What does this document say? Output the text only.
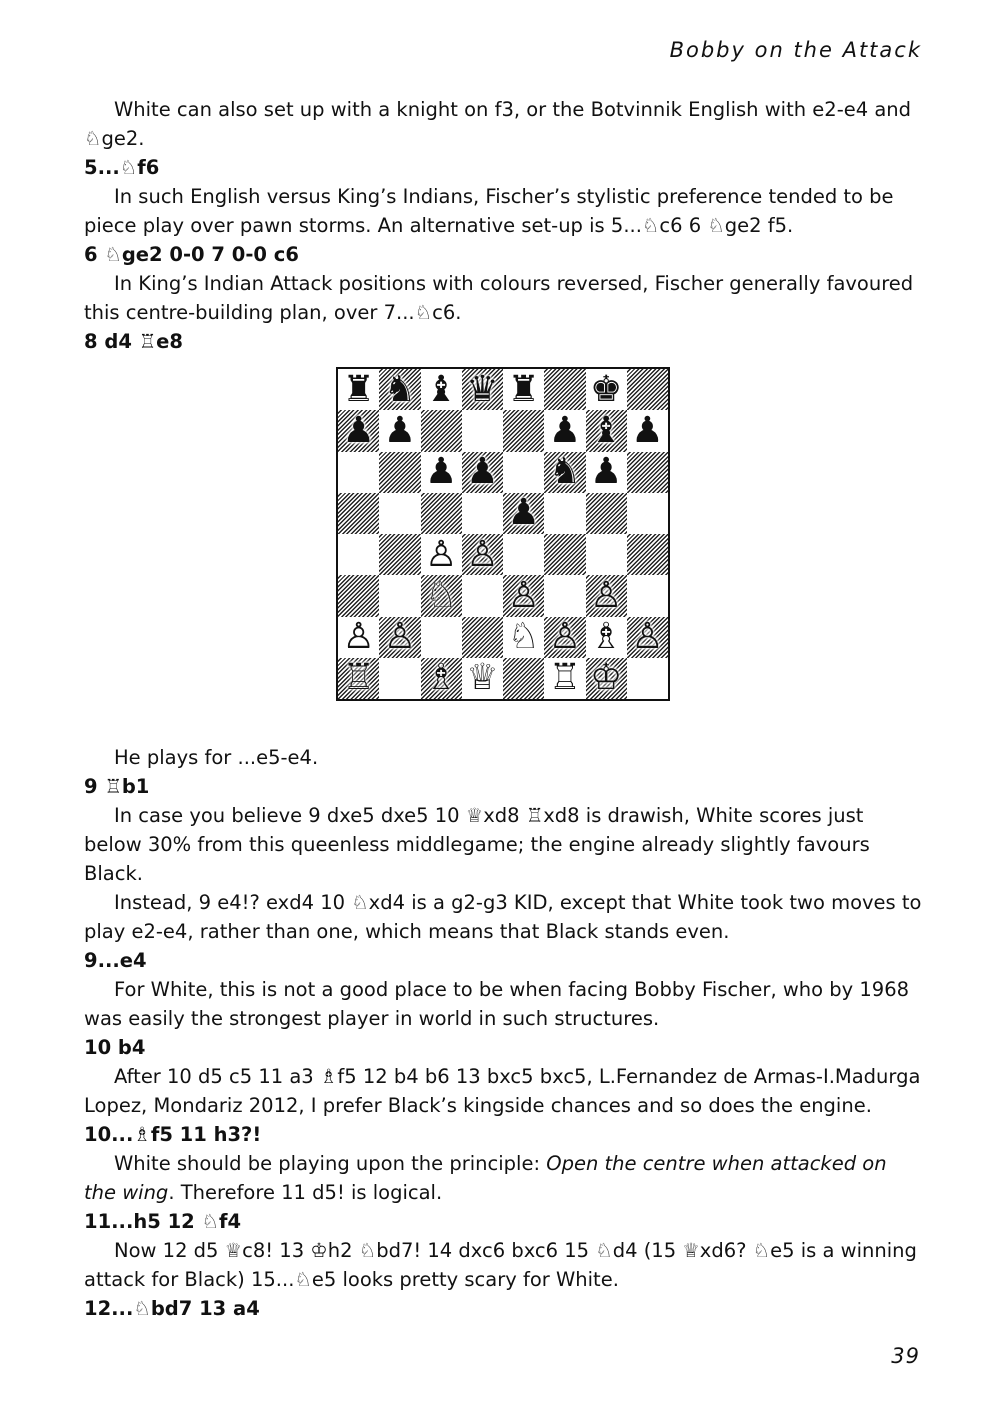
Bobby on the Attack
White can also set up with a knight on f3, or the Botvinnik English with e2-e4 and ♘ge2.
5...♘f6
In such English versus King’s Indians, Fischer’s stylistic preference tended to be piece play over pawn storms. An alternative set-up is 5...♘c6 6 ♘ge2 f5.
6 ♘ge2 0-0 7 0-0 c6
In King’s Indian Attack positions with colours reversed, Fischer generally favoured this centre-building plan, over 7...♘c6.
8 d4 ♖e8
♜ ♞ ♝ ♛ ♜ ♚
♟ ♟	♟ ♝ ♟
♟ ♟ ♞ ♟
♟
♙ ♙
♘ ♙ ♙
♙ ♙	♘ ♙ ♗ ♙
♖ ♗ ♕ ♖ ♔
He plays for ...e5-e4.
9 ♖b1
In case you believe 9 dxe5 dxe5 10 ♕xd8 ♖xd8 is drawish, White scores just below 30% from this queenless middlegame; the engine already slightly favours Black.
Instead, 9 e4!? exd4 10 ♘xd4 is a g2-g3 KID, except that White took two moves to play e2-e4, rather than one, which means that Black stands even.
9...e4
For White, this is not a good place to be when facing Bobby Fischer, who by 1968 was easily the strongest player in world in such structures.
10 b4
After 10 d5 c5 11 a3 ♗f5 12 b4 b6 13 bxc5 bxc5, L.Fernandez de Armas-I.Madurga Lopez, Mondariz 2012, I prefer Black’s kingside chances and so does the engine.
10...♗f5 11 h3?!
White should be playing upon the principle: Open the centre when attacked on the wing. Therefore 11 d5! is logical.
11...h5 12 ♘f4
Now 12 d5 ♕c8! 13 ♔h2 ♘bd7! 14 dxc6 bxc6 15 ♘d4 (15 ♕xd6? ♘e5 is a winning attack for Black) 15...♘e5 looks pretty scary for White.
12...♘bd7 13 a4
39
